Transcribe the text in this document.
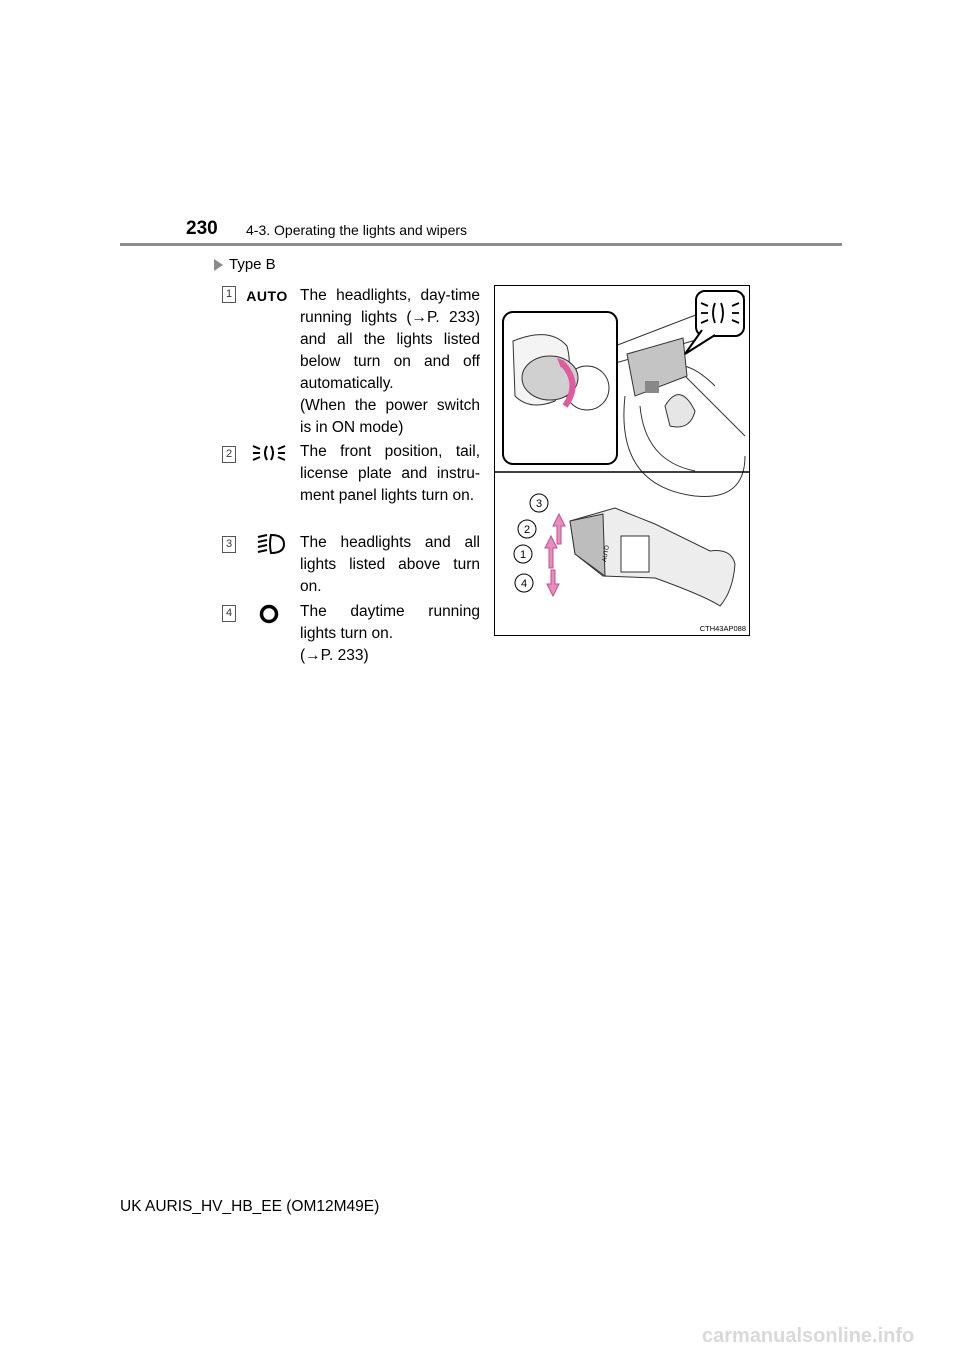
230 4-3. Operating the lights and wipers
Type B
1 AUTO The headlights, day-time running lights (→P. 233) and all the lights listed below turn on and off automatically.
(When the power switch is in ON mode)
2	The front position, tail, license plate and instru-ment panel lights turn on.
3	The headlights and all lights listed above turn on.
4	The daytime running lights turn on.
(→P. 233)
AUTO
3
2
1
4
CTH43AP088
UK AURIS_HV_HB_EE (OM12M49E)
carmanualsonline.info
